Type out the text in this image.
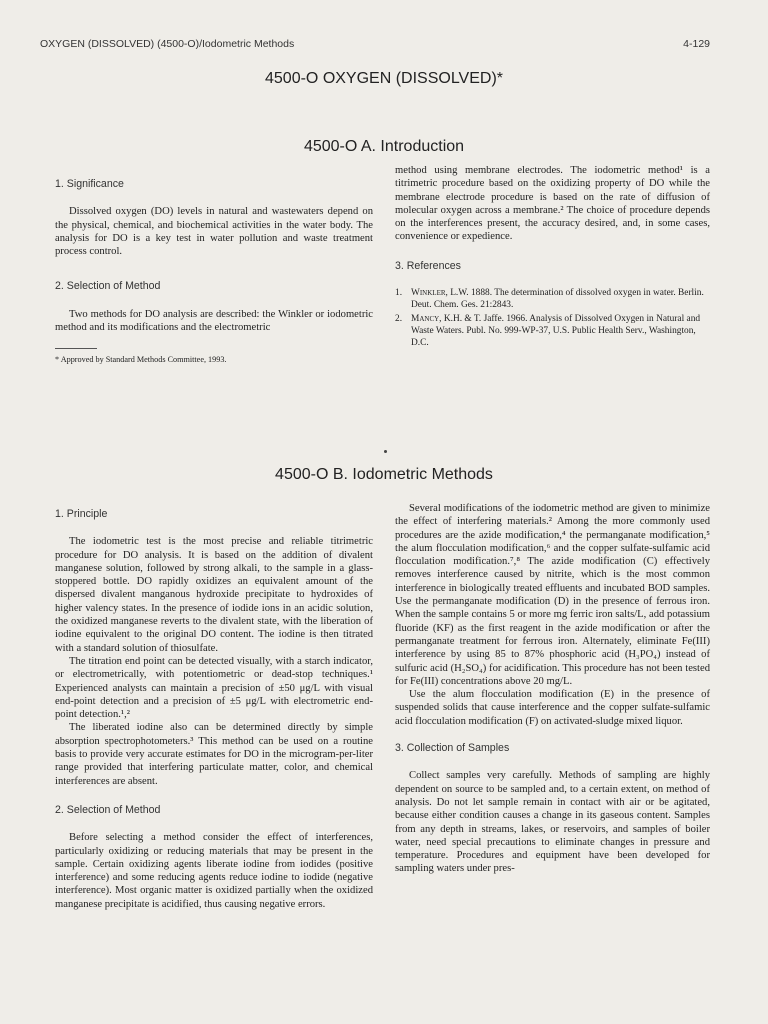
OXYGEN (DISSOLVED) (4500-O)/Iodometric Methods	4-129
4500-O OXYGEN (DISSOLVED)*
4500-O A. Introduction
1. Significance

Dissolved oxygen (DO) levels in natural and wastewaters depend on the physical, chemical, and biochemical activities in the water body. The analysis for DO is a key test in water pollution and waste treatment process control.

2. Selection of Method

Two methods for DO analysis are described: the Winkler or iodometric method and its modifications and the electrometric

* Approved by Standard Methods Committee, 1993.

method using membrane electrodes. The iodometric method¹ is a titrimetric procedure based on the oxidizing property of DO while the membrane electrode procedure is based on the rate of diffusion of molecular oxygen across a membrane.² The choice of procedure depends on the interferences present, the accuracy desired, and, in some cases, convenience or expedience.

3. References
1. Winkler, L.W. 1888. The determination of dissolved oxygen in water. Berlin. Deut. Chem. Ges. 21:2843.
2. Mancy, K.H. & T. Jaffe. 1966. Analysis of Dissolved Oxygen in Natural and Waste Waters. Publ. No. 999-WP-37, U.S. Public Health Serv., Washington, D.C.
4500-O B. Iodometric Methods
1. Principle

The iodometric test is the most precise and reliable titrimetric procedure for DO analysis. It is based on the addition of divalent manganese solution, followed by strong alkali, to the sample in a glass-stoppered bottle. DO rapidly oxidizes an equivalent amount of the dispersed divalent manganous hydroxide precipitate to hydroxides of higher valency states. In the presence of iodide ions in an acidic solution, the oxidized manganese reverts to the divalent state, with the liberation of iodine equivalent to the original DO content. The iodine is then titrated with a standard solution of thiosulfate.

The titration end point can be detected visually, with a starch indicator, or electrometrically, with potentiometric or dead-stop techniques.¹ Experienced analysts can maintain a precision of ±50 μg/L with visual end-point detection and a precision of ±5 μg/L with electrometric end-point detection.¹,²

The liberated iodine also can be determined directly by simple absorption spectrophotometers.³ This method can be used on a routine basis to provide very accurate estimates for DO in the microgram-per-liter range provided that interfering particulate matter, color, and chemical interferences are absent.

2. Selection of Method

Before selecting a method consider the effect of interferences, particularly oxidizing or reducing materials that may be present in the sample. Certain oxidizing agents liberate iodine from iodides (positive interference) and some reducing agents reduce iodine to iodide (negative interference). Most organic matter is oxidized partially when the oxidized manganese precipitate is acidified, thus causing negative errors.

Several modifications of the iodometric method are given to minimize the effect of interfering materials.² Among the more commonly used procedures are the azide modification,⁴ the permanganate modification,⁵ the alum flocculation modification,⁶ and the copper sulfate-sulfamic acid flocculation modification.⁷,⁸ The azide modification (C) effectively removes interference caused by nitrite, which is the most common interference in biologically treated effluents and incubated BOD samples. Use the permanganate modification (D) in the presence of ferrous iron. When the sample contains 5 or more mg ferric iron salts/L, add potassium fluoride (KF) as the first reagent in the azide modification or after the permanganate treatment for ferrous iron. Alternately, eliminate Fe(III) interference by using 85 to 87% phosphoric acid (H₃PO₄) instead of sulfuric acid (H₂SO₄) for acidification. This procedure has not been tested for Fe(III) concentrations above 20 mg/L.

Use the alum flocculation modification (E) in the presence of suspended solids that cause interference and the copper sulfate-sulfamic acid flocculation modification (F) on activated-sludge mixed liquor.

3. Collection of Samples

Collect samples very carefully. Methods of sampling are highly dependent on source to be sampled and, to a certain extent, on method of analysis. Do not let sample remain in contact with air or be agitated, because either condition causes a change in its gaseous content. Samples from any depth in streams, lakes, or reservoirs, and samples of boiler water, need special precautions to eliminate changes in pressure and temperature. Procedures and equipment have been developed for sampling waters under pres-
